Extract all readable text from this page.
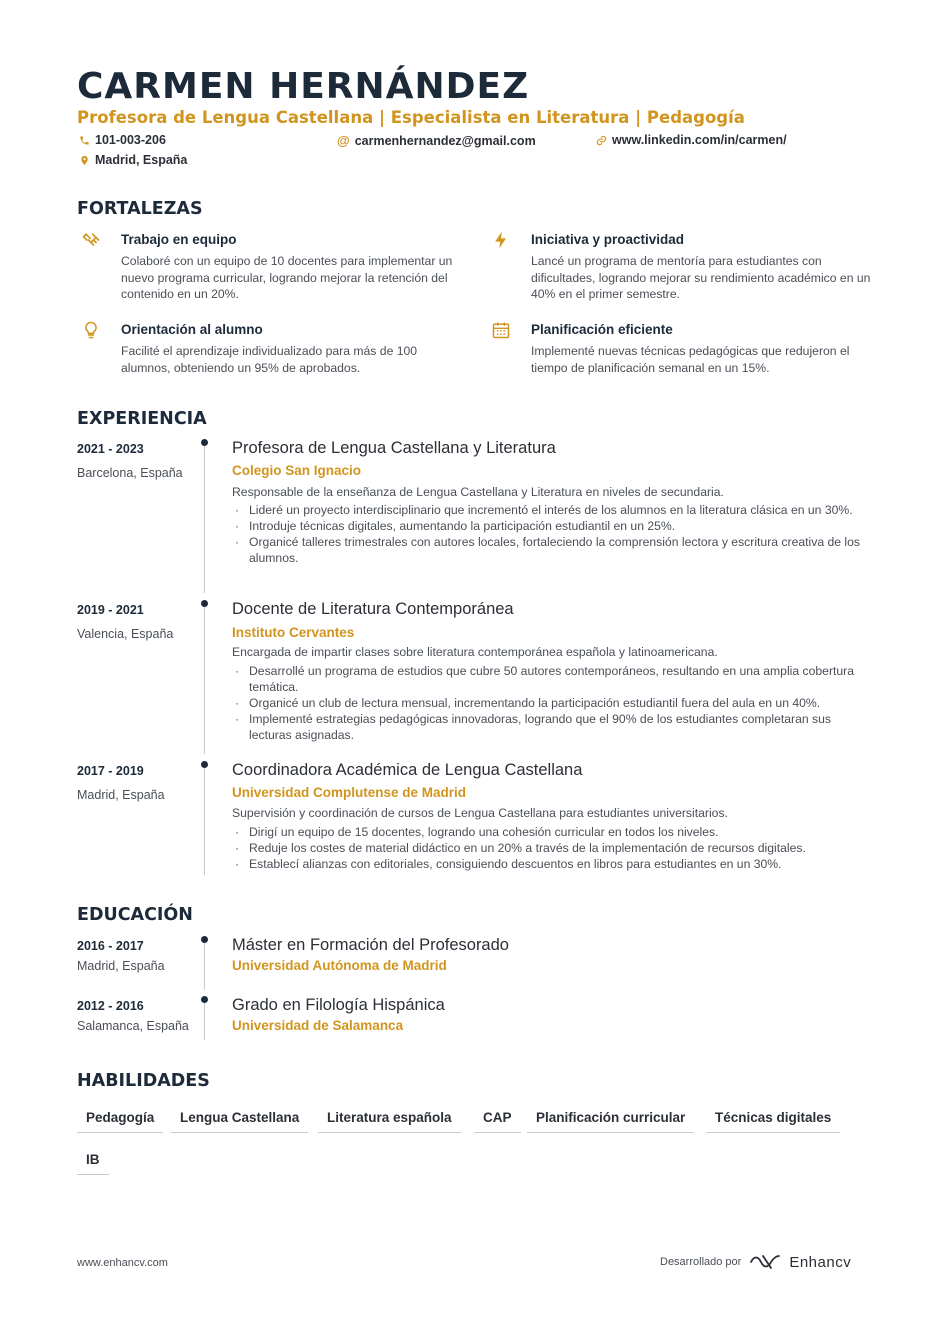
CARMEN HERNÁNDEZ
Profesora de Lengua Castellana | Especialista en Literatura | Pedagogía
101-003-206	@ carmenhernandez@gmail.com	www.linkedin.com/in/carmen/
Madrid, España
FORTALEZAS
Trabajo en equipo
Colaboré con un equipo de 10 docentes para implementar un nuevo programa curricular, logrando mejorar la retención del contenido en un 20%.
Iniciativa y proactividad
Lancé un programa de mentoría para estudiantes con dificultades, logrando mejorar su rendimiento académico en un 40% en el primer semestre.
Orientación al alumno
Facilité el aprendizaje individualizado para más de 100 alumnos, obteniendo un 95% de aprobados.
Planificación eficiente
Implementé nuevas técnicas pedagógicas que redujeron el tiempo de planificación semanal en un 15%.
EXPERIENCIA
2021 - 2023
Barcelona, España
Profesora de Lengua Castellana y Literatura
Colegio San Ignacio
Responsable de la enseñanza de Lengua Castellana y Literatura en niveles de secundaria.
· Lideré un proyecto interdisciplinario que incrementó el interés de los alumnos en la literatura clásica en un 30%.
· Introduje técnicas digitales, aumentando la participación estudiantil en un 25%.
· Organicé talleres trimestrales con autores locales, fortaleciendo la comprensión lectora y escritura creativa de los alumnos.
2019 - 2021
Valencia, España
Docente de Literatura Contemporánea
Instituto Cervantes
Encargada de impartir clases sobre literatura contemporánea española y latinoamericana.
· Desarrollé un programa de estudios que cubre 50 autores contemporáneos, resultando en una amplia cobertura temática.
· Organicé un club de lectura mensual, incrementando la participación estudiantil fuera del aula en un 40%.
· Implementé estrategias pedagógicas innovadoras, logrando que el 90% de los estudiantes completaran sus lecturas asignadas.
2017 - 2019
Madrid, España
Coordinadora Académica de Lengua Castellana
Universidad Complutense de Madrid
Supervisión y coordinación de cursos de Lengua Castellana para estudiantes universitarios.
· Dirigí un equipo de 15 docentes, logrando una cohesión curricular en todos los niveles.
· Reduje los costes de material didáctico en un 20% a través de la implementación de recursos digitales.
· Establecí alianzas con editoriales, consiguiendo descuentos en libros para estudiantes en un 30%.
EDUCACIÓN
2016 - 2017
Madrid, España
Máster en Formación del Profesorado
Universidad Autónoma de Madrid
2012 - 2016
Salamanca, España
Grado en Filología Hispánica
Universidad de Salamanca
HABILIDADES
Pedagogía	Lengua Castellana	Literatura española	CAP	Planificación curricular	Técnicas digitales
IB
www.enhancv.com	Desarrollado por	Enhancv
